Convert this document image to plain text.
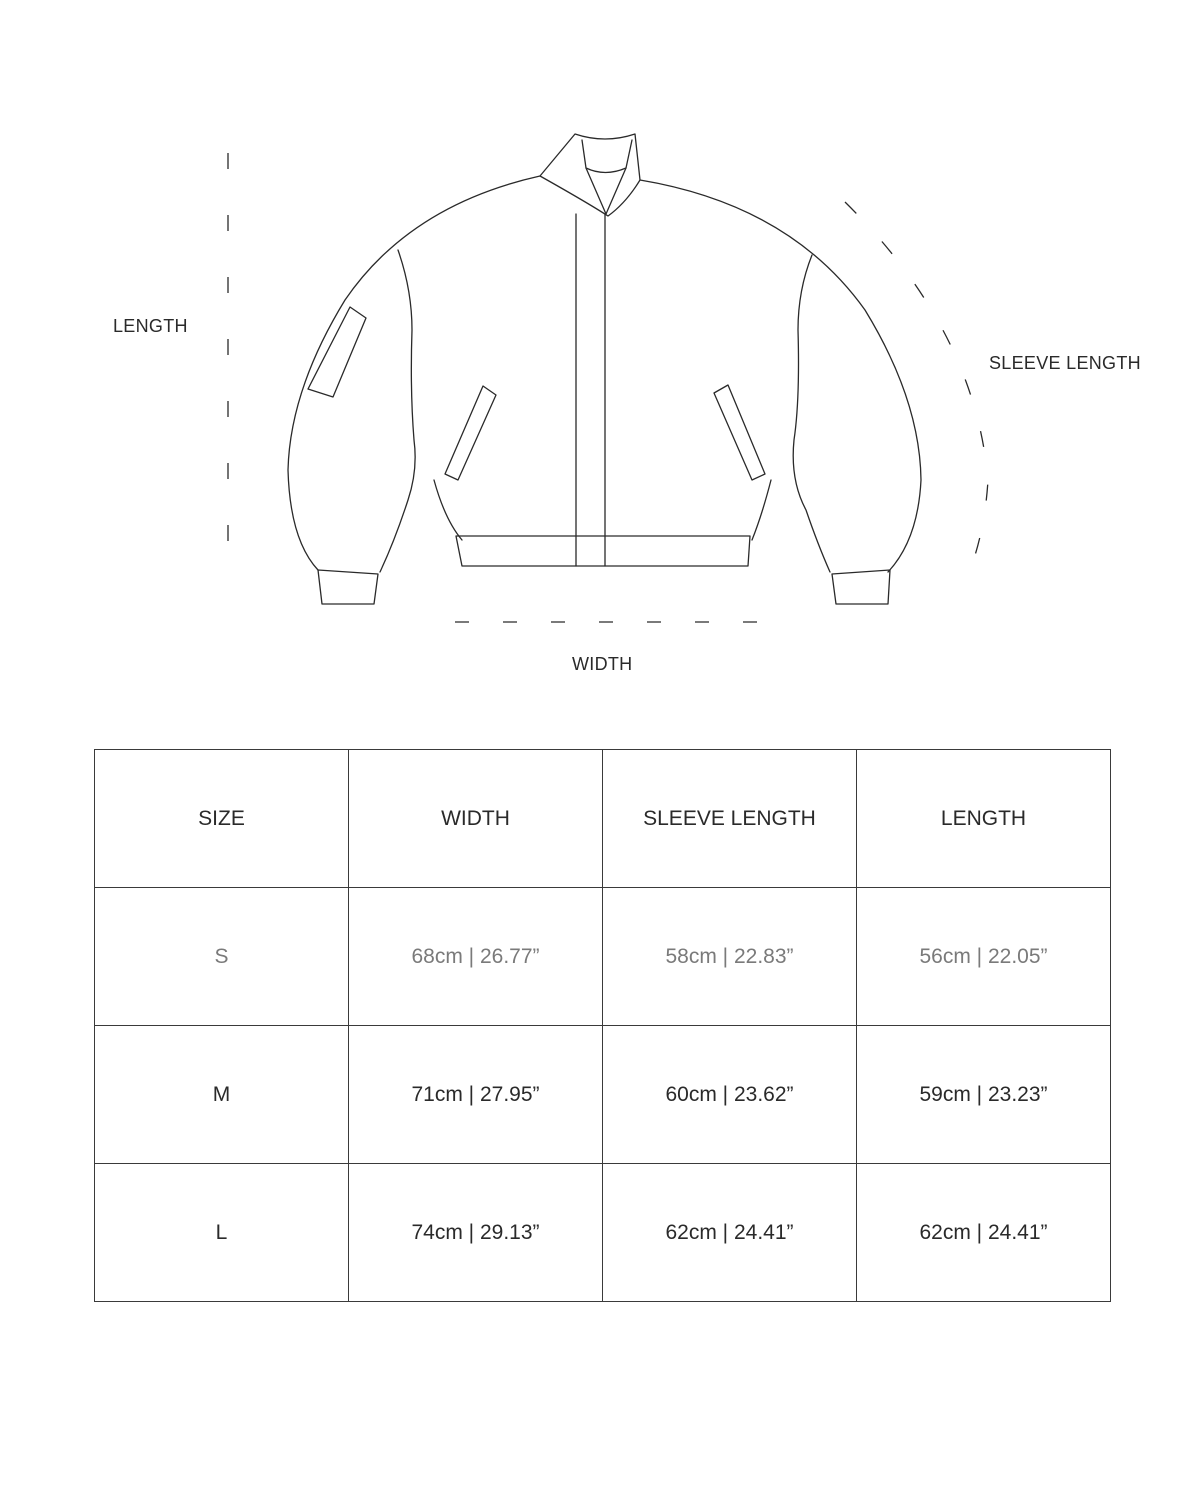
LENGTH
SLEEVE LENGTH
WIDTH
SIZE	WIDTH	SLEEVE LENGTH	LENGTH
S	68cm | 26.77”	58cm | 22.83”	56cm | 22.05”
M	71cm | 27.95”	60cm | 23.62”	59cm | 23.23”
L	74cm | 29.13”	62cm | 24.41”	62cm | 24.41”
